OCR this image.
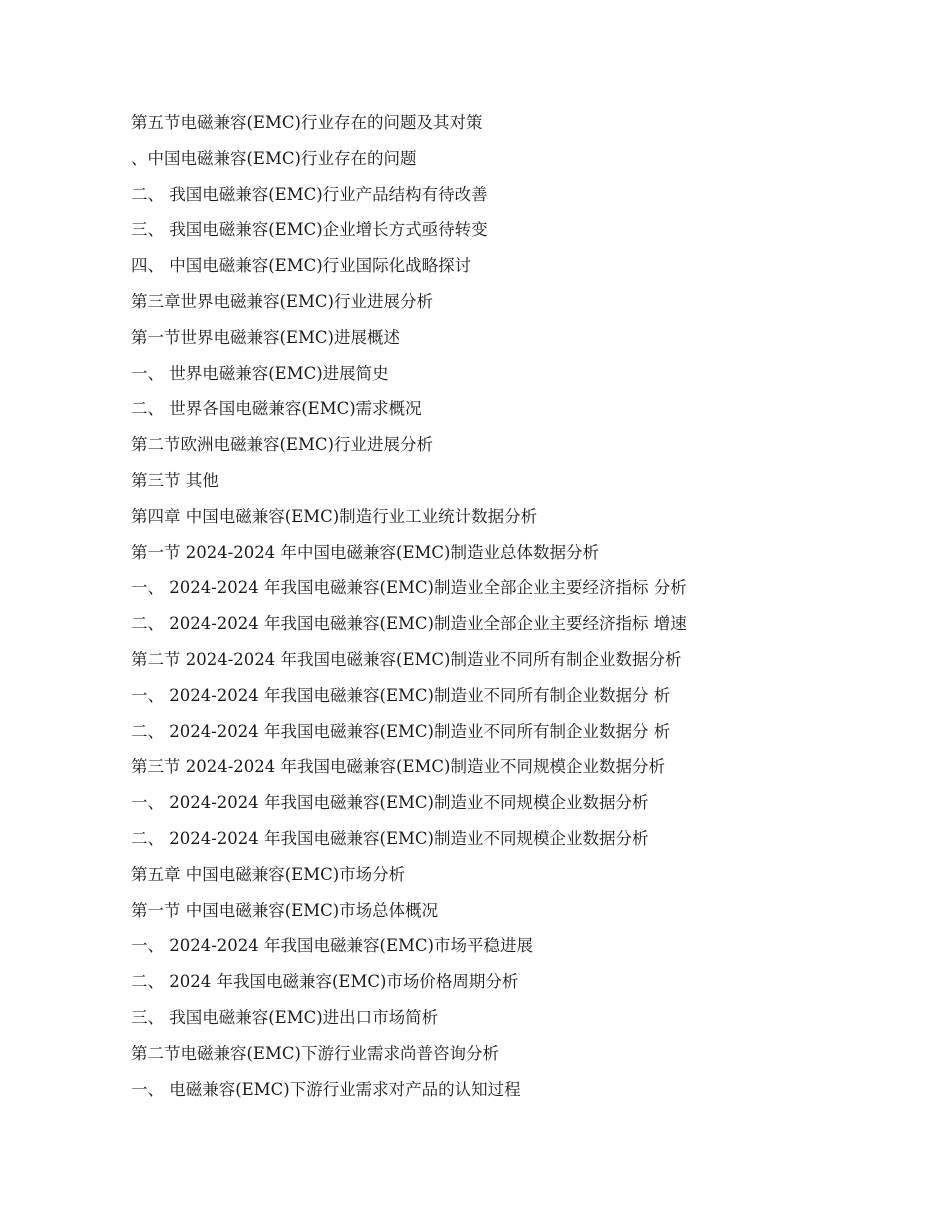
第五节电磁兼容(EMC)行业存在的问题及其对策
、中国电磁兼容(EMC)行业存在的问题
二、 我国电磁兼容(EMC)行业产品结构有待改善
三、 我国电磁兼容(EMC)企业增长方式亟待转变
四、 中国电磁兼容(EMC)行业国际化战略探讨
第三章世界电磁兼容(EMC)行业进展分析
第一节世界电磁兼容(EMC)进展概述
一、 世界电磁兼容(EMC)进展简史
二、 世界各国电磁兼容(EMC)需求概况
第二节欧洲电磁兼容(EMC)行业进展分析
第三节 其他
第四章 中国电磁兼容(EMC)制造行业工业统计数据分析
第一节 2024-2024 年中国电磁兼容(EMC)制造业总体数据分析
一、 2024-2024 年我国电磁兼容(EMC)制造业全部企业主要经济指标 分析
二、 2024-2024 年我国电磁兼容(EMC)制造业全部企业主要经济指标 增速
第二节 2024-2024 年我国电磁兼容(EMC)制造业不同所有制企业数据分析
一、 2024-2024 年我国电磁兼容(EMC)制造业不同所有制企业数据分 析
二、 2024-2024 年我国电磁兼容(EMC)制造业不同所有制企业数据分 析
第三节 2024-2024 年我国电磁兼容(EMC)制造业不同规模企业数据分析
一、 2024-2024 年我国电磁兼容(EMC)制造业不同规模企业数据分析
二、 2024-2024 年我国电磁兼容(EMC)制造业不同规模企业数据分析
第五章 中国电磁兼容(EMC)市场分析
第一节 中国电磁兼容(EMC)市场总体概况
一、 2024-2024 年我国电磁兼容(EMC)市场平稳进展
二、 2024 年我国电磁兼容(EMC)市场价格周期分析
三、 我国电磁兼容(EMC)进出口市场简析
第二节电磁兼容(EMC)下游行业需求尚普咨询分析
一、 电磁兼容(EMC)下游行业需求对产品的认知过程
